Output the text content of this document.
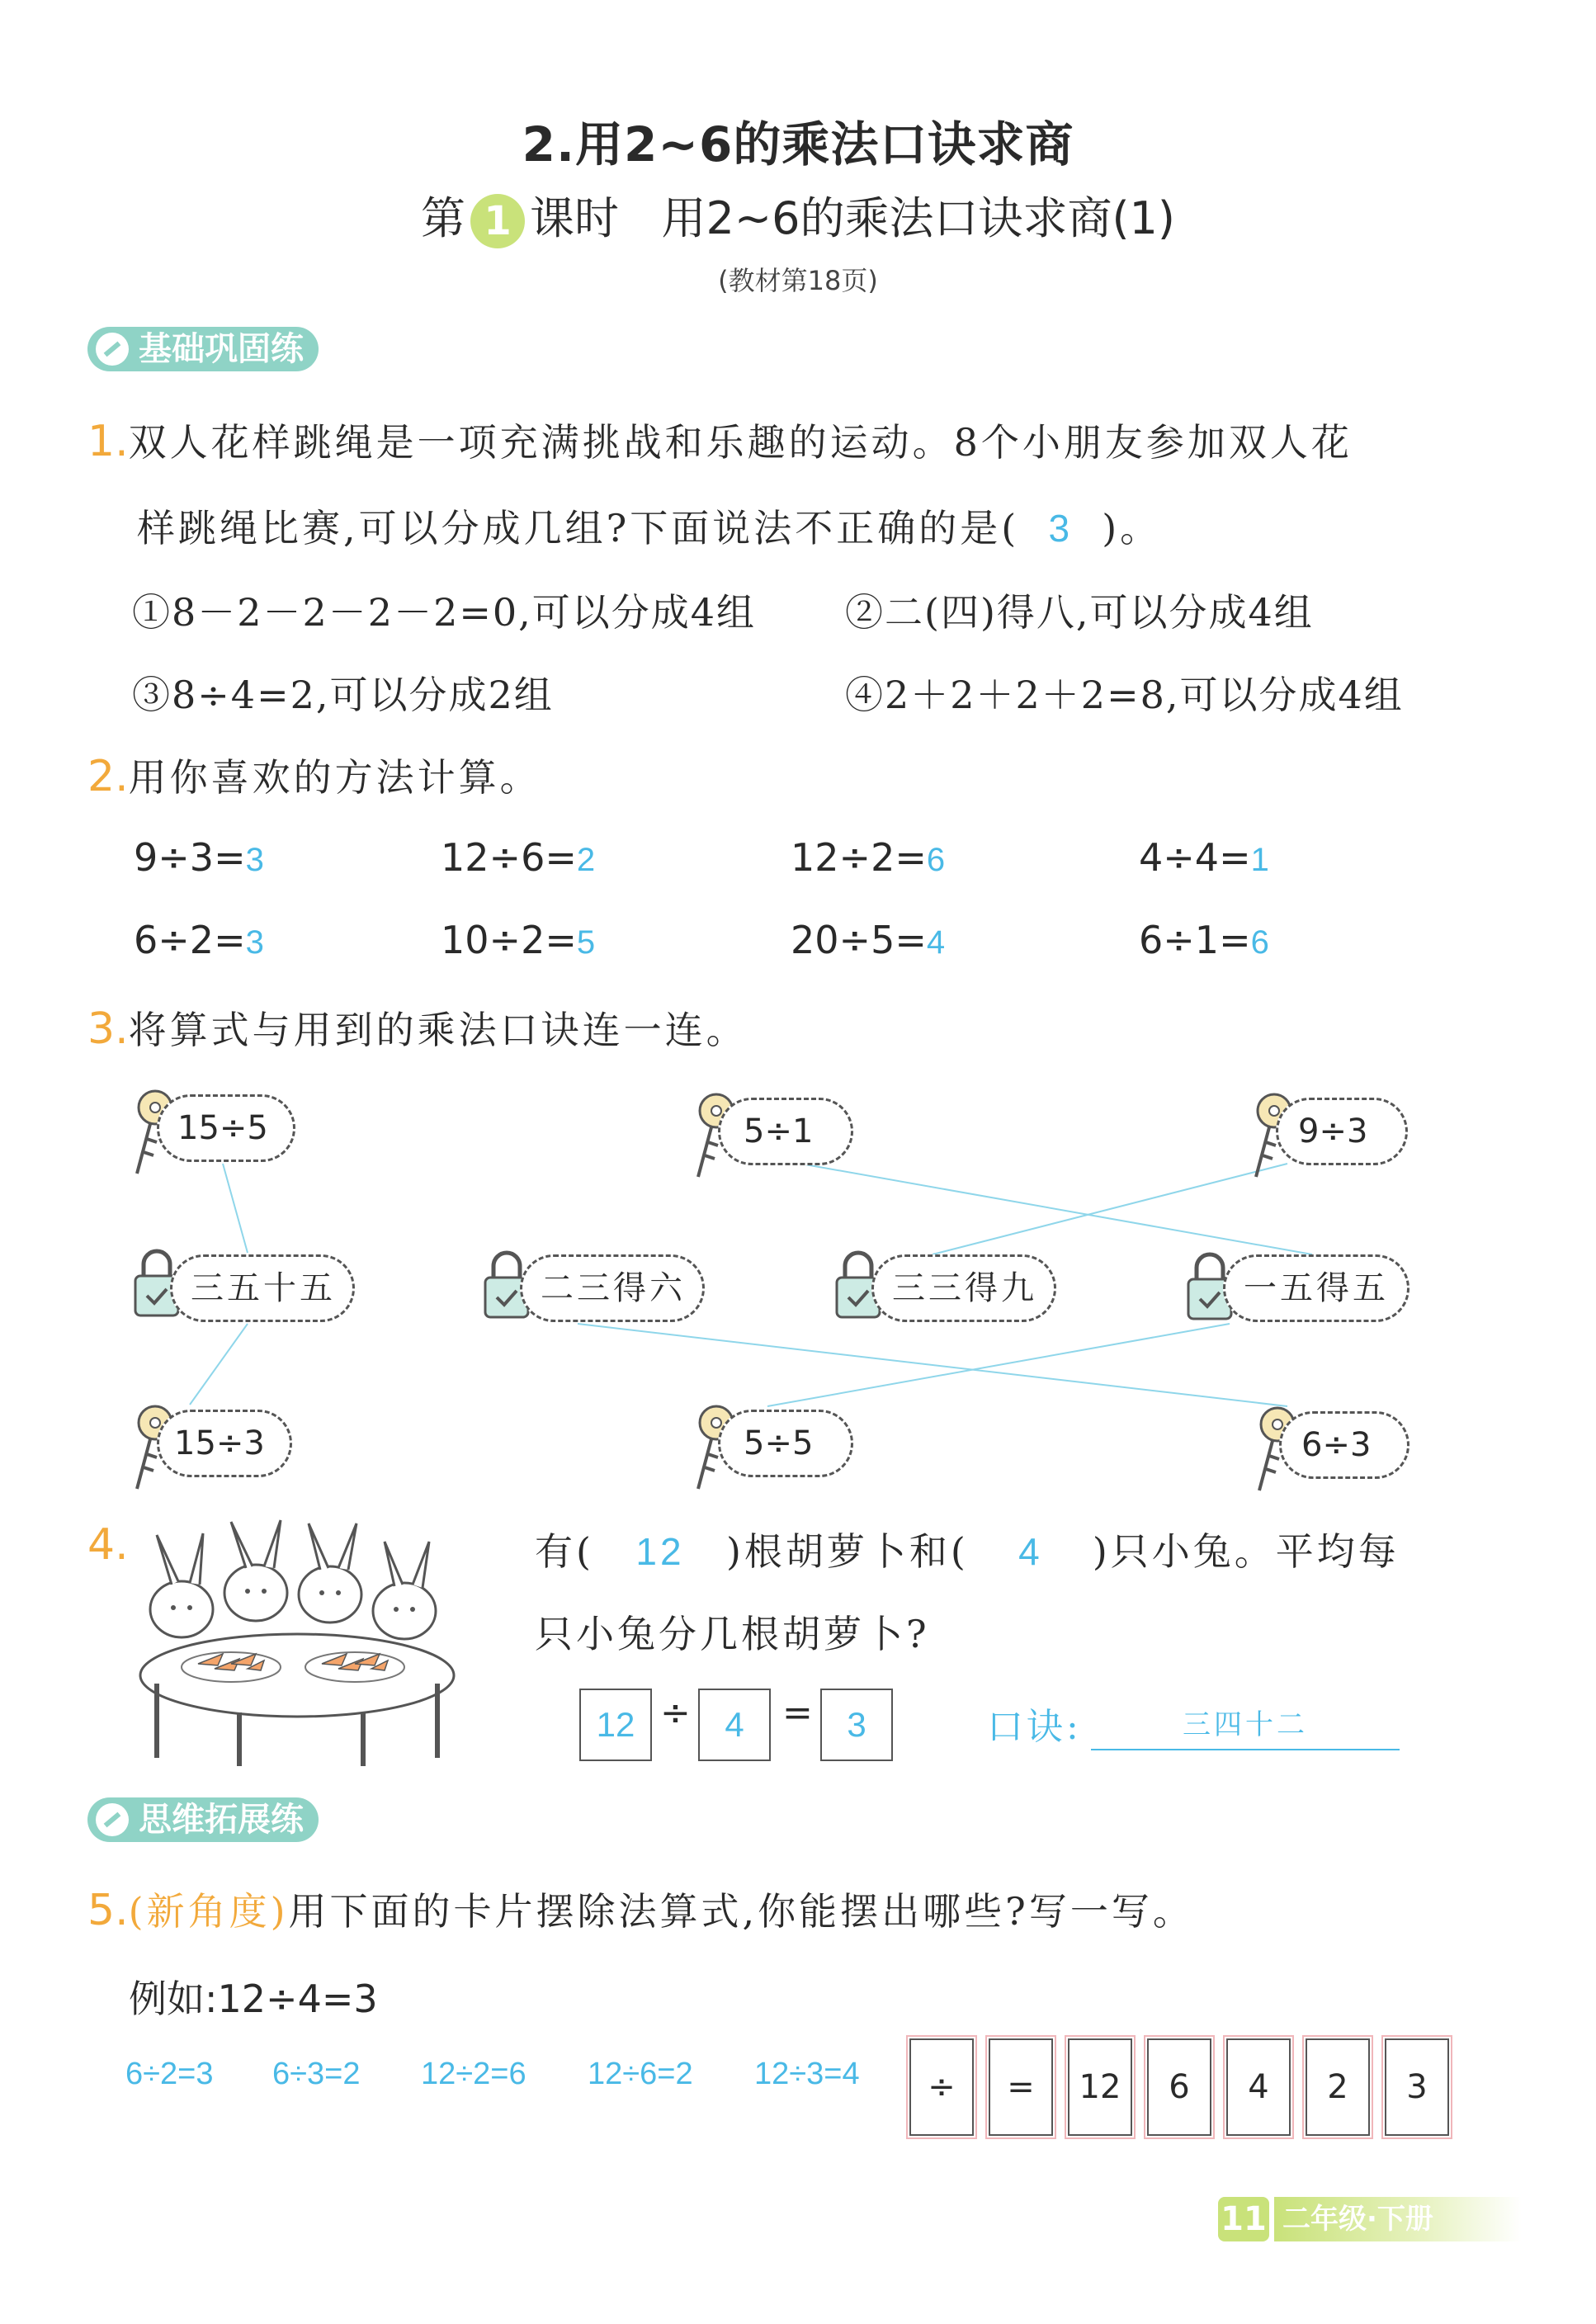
2.用2~6的乘法口诀求商
第 1 课时 用2~6的乘法口诀求商(1)
(教材第18页)
基础巩固练
1.双人花样跳绳是一项充满挑战和乐趣的运动。8个小朋友参加双人花
样跳绳比赛,可以分成几组?下面说法不正确的是( 3 )。
①8－2－2－2－2=0,可以分成4组 ②二(四)得八,可以分成4组
③8÷4=2,可以分成2组	④2＋2＋2＋2=8,可以分成4组
2.用你喜欢的方法计算。
9÷3=3	12÷6=2	12÷2=6	4÷4=1
6÷2=3	10÷2=5	20÷5=4	6÷1=6
3.将算式与用到的乘法口诀连一连。
15÷5	5÷1	9÷3
三五十五	二三得六	三三得九	一五得五
15÷3	5÷5	6÷3
4.	有( 12 )根胡萝卜和( 4 )只小兔。平均每
只小兔分几根胡萝卜?
12 ÷ 4	= 3	口诀:	三四十二
思维拓展练
5.(新角度)用下面的卡片摆除法算式,你能摆出哪些?写一写。
例如:12÷4=3
6÷2=3 6÷3=2 12÷2=6 12÷6=2 12÷3=4	÷	=	12	6	4	2	3
11 二年级·下册
